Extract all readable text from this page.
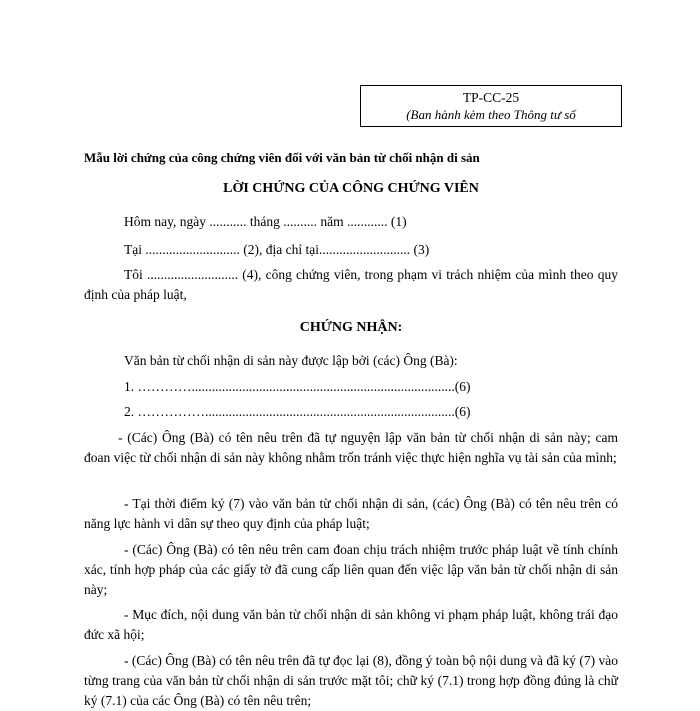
TP-CC-25
(Ban hành kèm theo Thông tư số
Mẫu lời chứng của công chứng viên đối với văn bản từ chối nhận di sản
LỜI CHỨNG CỦA CÔNG CHỨNG VIÊN
Hôm nay, ngày ........... tháng .......... năm ............ (1)
Tại ............................ (2), địa chỉ tại........................... (3)
Tôi ........................... (4), công chứng viên, trong phạm vi trách nhiệm của mình theo quy định của pháp luật,
CHỨNG NHẬN:
Văn bản từ chối nhận di sản này được lập bởi (các) Ông (Bà):
1. …………..............................................................................(6)
2. ……………..........................................................................(6)
- (Các) Ông (Bà) có tên nêu trên đã tự nguyện lập văn bản từ chối nhận di sản này; cam đoan việc từ chối nhận di sản này không nhằm trốn tránh việc thực hiện nghĩa vụ tài sản của mình;
- Tại thời điểm ký (7) vào văn bản từ chối nhận di sản, (các) Ông (Bà) có tên nêu trên có năng lực hành vi dân sự theo quy định của pháp luật;
- (Các) Ông (Bà) có tên nêu trên cam đoan chịu trách nhiệm trước pháp luật về tính chính xác, tính hợp pháp của các giấy tờ đã cung cấp liên quan đến việc lập văn bản từ chối nhận di sản này;
- Mục đích, nội dung văn bản từ chối nhận di sản không vi phạm pháp luật, không trái đạo đức xã hội;
- (Các) Ông (Bà) có tên nêu trên đã tự đọc lại (8), đồng ý toàn bộ nội dung và đã ký (7) vào từng trang của văn bản từ chối nhận di sản trước mặt tôi; chữ ký (7.1) trong hợp đồng đúng là chữ ký (7.1) của các Ông (Bà) có tên nêu trên;
